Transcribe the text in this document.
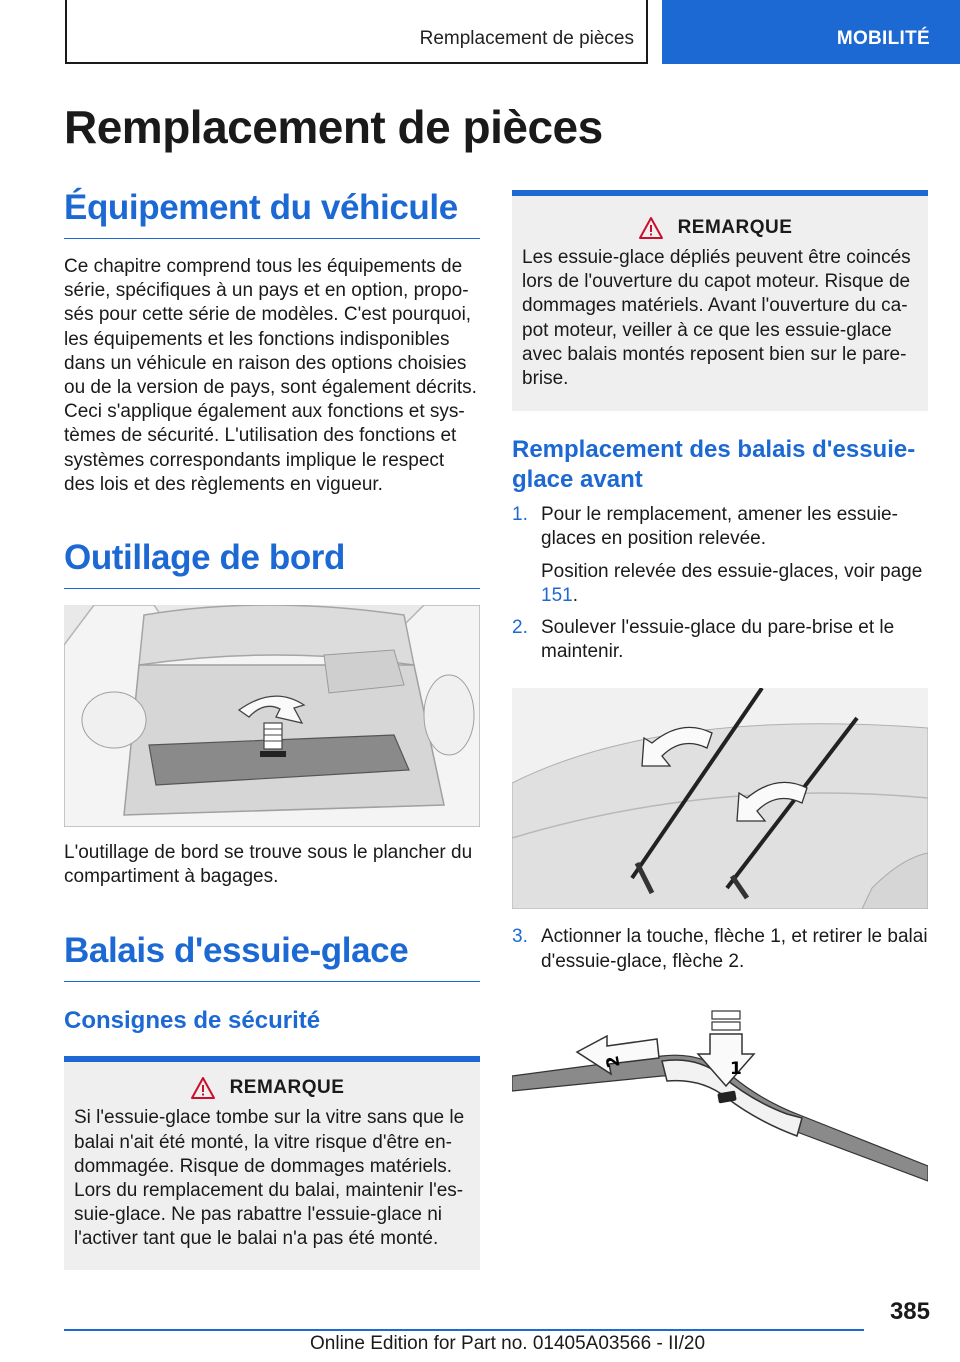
Remplacement de pièces	MOBILITÉ
Remplacement de pièces
Équipement du véhicule

Ce chapitre comprend tous les équipements de série, spécifiques à un pays et en option, propo-sés pour cette série de modèles. C'est pourquoi, les équipements et les fonctions indisponibles dans un véhicule en raison des options choisies ou de la version de pays, sont également décrits. Ceci s'applique également aux fonctions et sys-tèmes de sécurité. L'utilisation des fonctions et systèmes correspondants implique le respect des lois et des règlements en vigueur.

Outillage de bord

L'outillage de bord se trouve sous le plancher du compartiment à bagages.

Balais d'essuie-glace
Consignes de sécurité
REMARQUE

Si l'essuie-glace tombe sur la vitre sans que le balai n'ait été monté, la vitre risque d'être en-dommagée. Risque de dommages matériels. Lors du remplacement du balai, maintenir l'es-suie-glace. Ne pas rabattre l'essuie-glace ni l'activer tant que le balai n'a pas été monté.

REMARQUE

Les essuie-glace dépliés peuvent être coincés lors de l'ouverture du capot moteur. Risque de dommages matériels. Avant l'ouverture du ca-pot moteur, veiller à ce que les essuie-glace avec balais montés reposent bien sur le pare-brise.

Remplacement des balais d'essuie-glace avant
1. Pour le remplacement, amener les essuie-glaces en position relevée.

Position relevée des essuie-glaces, voir page 151.

2. Soulever l'essuie-glace du pare-brise et le maintenir.

3. Actionner la touche, flèche 1, et retirer le balai d'essuie-glace, flèche 2.

1
2
385
Online Edition for Part no. 01405A03566 - II/20
